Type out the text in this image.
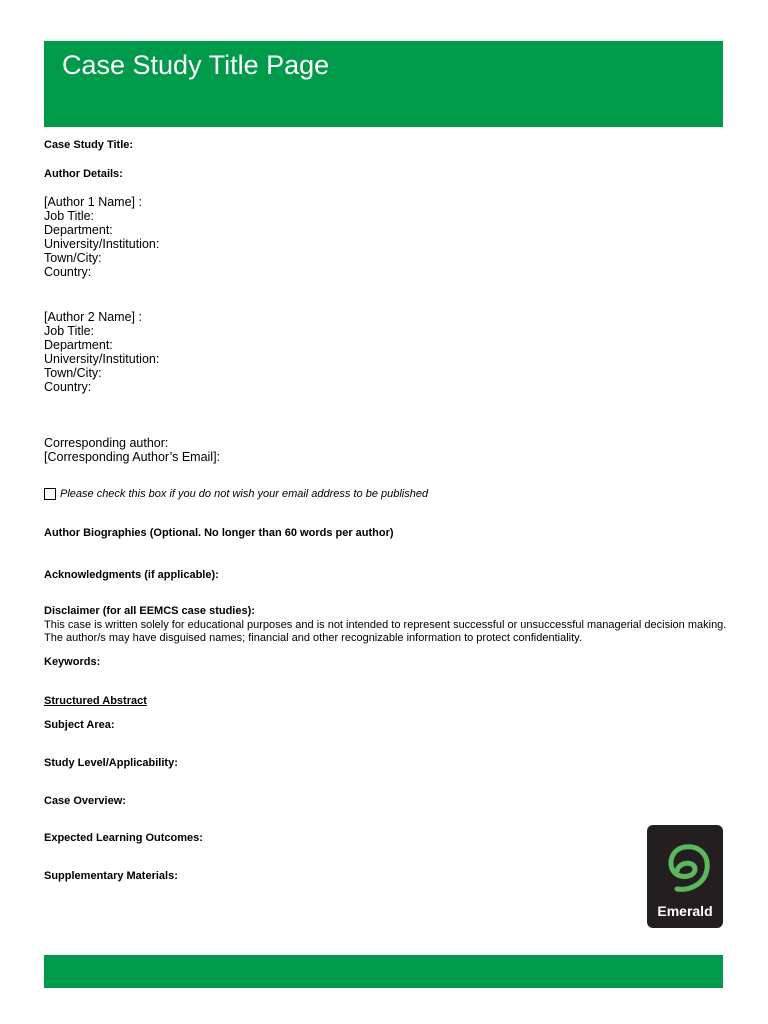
Case Study Title Page
Case Study Title:
Author Details:
[Author 1 Name] :
Job Title:
Department:
University/Institution:
Town/City:
Country:
[Author 2 Name] :
Job Title:
Department:
University/Institution:
Town/City:
Country:
Corresponding author:
[Corresponding Author’s Email]:
Please check this box if you do not wish your email address to be published
Author Biographies (Optional. No longer than 60 words per author)
Acknowledgments (if applicable):
Disclaimer (for all EEMCS case studies):
This case is written solely for educational purposes and is not intended to represent successful or unsuccessful managerial decision making. The author/s may have disguised names; financial and other recognizable information to protect confidentiality.
Keywords:
Structured Abstract
Subject Area:
Study Level/Applicability:
Case Overview:
Expected Learning Outcomes:
Supplementary Materials:
Emerald
